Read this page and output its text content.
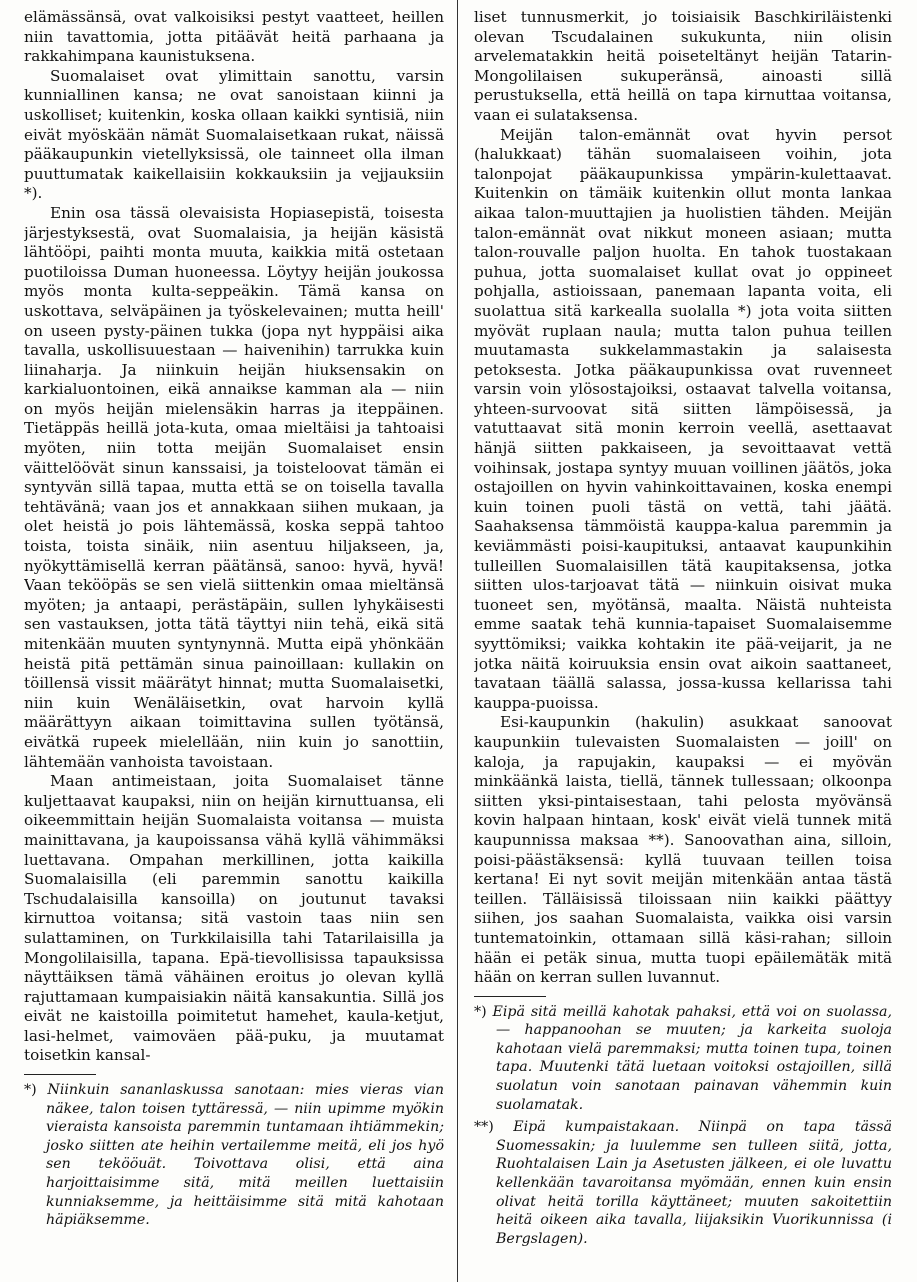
elämässänsä, ovat valkoisiksi pestyt vaatteet, heillen niin tavattomia, jotta pitäävät heitä parhaana ja rakkahimpana kaunistuksena.

Suomalaiset ovat ylimittain sanottu, varsin kunniallinen kansa; ne ovat sanoistaan kiinni ja uskolliset; kuitenkin, koska ollaan kaikki syntisiä, niin eivät myöskään nämät Suomalaisetkaan rukat, näissä pääkaupunkin vietellyksissä, ole tainneet olla ilman puuttumatak kaikellaisiin kokkauksiin ja vejjauksiin *).

Enin osa tässä olevaisista Hopiasepistä, toisesta järjestyksestä, ovat Suomalaisia, ja heijän käsistä lähtööpi, paihti monta muuta, kaikkia mitä ostetaan puotiloissa Duman huoneessa. Löytyy heijän joukossa myös monta kulta-seppeäkin. Tämä kansa on uskottava, selväpäinen ja työskelevainen; mutta heill' on useen pysty-päinen tukka (jopa nyt hyppäisi aika tavalla, uskollisuuestaan — haivenihin) tarrukka kuin liinaharja. Ja niinkuin heijän hiuksensakin on karkialuontoinen, eikä annaikse kamman ala — niin on myös heijän mielensäkin harras ja iteppäinen. Tietäppäs heillä jota-kuta, omaa mieltäisi ja tahtoaisi myöten, niin totta meijän Suomalaiset ensin väittelöövät sinun kanssaisi, ja toisteloovat tämän ei syntyvän sillä tapaa, mutta että se on toisella tavalla tehtävänä; vaan jos et annakkaan siihen mukaan, ja olet heistä jo pois lähtemässä, koska seppä tahtoo toista, toista sinäik, niin asentuu hiljakseen, ja, nyökyttämisellä kerran päätänsä, sanoo: hyvä, hyvä! Vaan tekööpäs se sen vielä siittenkin omaa mieltänsä myöten; ja antaapi, perästäpäin, sullen lyhykäisesti sen vastauksen, jotta tätä täyttyi niin tehä, eikä sitä mitenkään muuten syntynynnä. Mutta eipä yhönkään heistä pitä pettämän sinua painoillaan: kullakin on töillensä vissit määrätyt hinnat; mutta Suomalaisetki, niin kuin Wenäläisetkin, ovat harvoin kyllä määrättyyn aikaan toimittavina sullen työtänsä, eivätkä rupeek mielellään, niin kuin jo sanottiin, lähtemään vanhoista tavoistaan.

Maan antimeistaan, joita Suomalaiset tänne kuljettaavat kaupaksi, niin on heijän kirnuttuansa, eli oikeemmittain heijän Suomalaista voitansa — muista mainittavana, ja kaupoissansa vähä kyllä vähimmäksi luettavana. Ompahan merkillinen, jotta kaikilla Suomalaisilla (eli paremmin sanottu kaikilla Tschudalaisilla kansoilla) on joutunut tavaksi kirnuttoa voitansa; sitä vastoin taas niin sen sulattaminen, on Turkkilaisilla tahi Tatarilaisilla ja Mongolilaisilla, tapana. Epä-tievollisissa tapauksissa näyttäiksen tämä vähäinen eroitus jo olevan kyllä rajuttamaan kumpaisiakin näitä kansakuntia. Sillä jos eivät ne kaistoilla poimitetut hamehet, kaula-ketjut, lasi-helmet, vaimoväen pää-puku, ja muutamat toisetkin kansal-

*) Niinkuin sananlaskussa sanotaan: mies vieras vian näkee, talon toisen tyttäressä, — niin upimme myökin vieraista kansoista paremmin tuntamaan ihtiämmekin; josko siitten ate heihin vertailemme meitä, eli jos hyö sen tekööuät. Toivottava olisi, että aina harjoittaisimme sitä, mitä meillen luettaisiin kunniaksemme, ja heittäisimme sitä mitä kahotaan häpiäksemme.

liset tunnusmerkit, jo toisiaisik Baschkiriläistenki olevan Tscudalainen sukukunta, niin olisin arvelematakkin heitä poiseteltänyt heijän Tatarin-Mongolilaisen sukuperänsä, ainoasti sillä perustuksella, että heillä on tapa kirnuttaa voitansa, vaan ei sulataksensa.

Meijän talon-emännät ovat hyvin persot (halukkaat) tähän suomalaiseen voihin, jota talonpojat pääkaupunkissa ympärin-kulettaavat. Kuitenkin on tämäik kuitenkin ollut monta lankaa aikaa talon-muuttajien ja huolistien tähden. Meijän talon-emännät ovat nikkut moneen asiaan; mutta talon-rouvalle paljon huolta. En tahok tuostakaan puhua, jotta suomalaiset kullat ovat jo oppineet pohjalla, astioissaan, panemaan lapanta voita, eli suolattua sitä karkealla suolalla *) jota voita siitten myövät ruplaan naula; mutta talon puhua teillen muutamasta sukkelammastakin ja salaisesta petoksesta. Jotka pääkaupunkissa ovat ruvenneet varsin voin ylösostajoiksi, ostaavat talvella voitansa, yhteen-survoovat sitä siitten lämpöisessä, ja vatuttaavat sitä monin kerroin veellä, asettaavat hänjä siitten pakkaiseen, ja sevoittaavat vettä voihinsak, jostapa syntyy muuan voillinen jäätös, joka ostajoillen on hyvin vahinkoittavainen, koska enempi kuin toinen puoli tästä on vettä, tahi jäätä. Saahaksensa tämmöistä kauppa-kalua paremmin ja keviämmästi poisi-kaupituksi, antaavat kaupunkihin tulleillen Suomalaisillen tätä kaupitaksensa, jotka siitten ulos-tarjoavat tätä — niinkuin oisivat muka tuoneet sen, myötänsä, maalta. Näistä nuhteista emme saatak tehä kunnia-tapaiset Suomalaisemme syyttömiksi; vaikka kohtakin ite pää-veijarit, ja ne jotka näitä koiruuksia ensin ovat aikoin saattaneet, tavataan täällä salassa, jossa-kussa kellarissa tahi kauppa-puoissa.

Esi-kaupunkin (hakulin) asukkaat sanoovat kaupunkiin tulevaisten Suomalaisten — joill' on kaloja, ja rapujakin, kaupaksi — ei myövän minkäänkä laista, tiellä, tännek tullessaan; olkoonpa siitten yksi-pintaisestaan, tahi pelosta myövänsä kovin halpaan hintaan, kosk' eivät vielä tunnek mitä kaupunnissa maksaa **). Sanoovathan aina, silloin, poisi-päästäksensä: kyllä tuuvaan teillen toisa kertana! Ei nyt sovit meijän mitenkään antaa tästä teillen. Tälläisissä tiloissaan niin kaikki päättyy siihen, jos saahan Suomalaista, vaikka oisi varsin tuntematoinkin, ottamaan sillä käsi-rahan; silloin hään ei petäk sinua, mutta tuopi epäilemätäk mitä hään on kerran sullen luvannut.

*) Eipä sitä meillä kahotak pahaksi, että voi on suolassa, — happanoohan se muuten; ja karkeita suoloja kahotaan vielä paremmaksi; mutta toinen tupa, toinen tapa. Muutenki tätä luetaan voitoksi ostajoillen, sillä suolatun voin sanotaan painavan vähemmin kuin suolamatak.

**) Eipä kumpaistakaan. Niinpä on tapa tässä Suomessakin; ja luulemme sen tulleen siitä, jotta, Ruohtalaisen Lain ja Asetusten jälkeen, ei ole luvattu kellenkään tavaroitansa myömään, ennen kuin ensin olivat heitä torilla käyttäneet; muuten sakoitettiin heitä oikeen aika tavalla, liijaksikin Vuorikunnissa (i Bergslagen).
